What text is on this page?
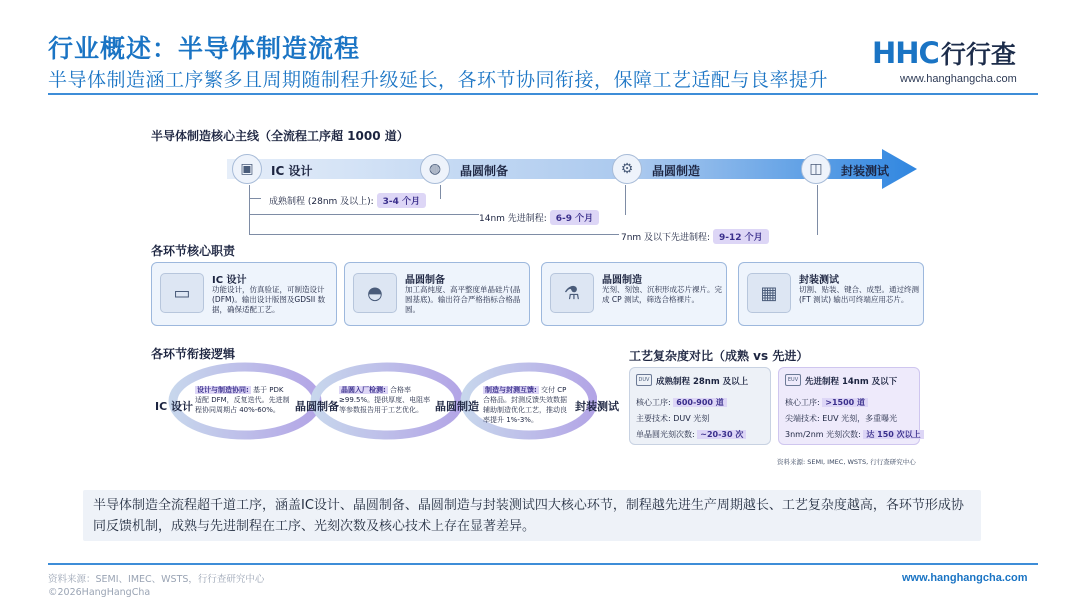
行业概述：半导体制造流程
半导体制造涵工序繁多且周期随制程升级延长，各环节协同衔接，保障工艺适配与良率提升
HHC 行行查
www.hanghangcha.com
半导体制造核心主线（全流程工序超 1000 道）
▣	IC 设计	◍	晶圆制备	⚙	晶圆制造	◫	封装测试
成熟制程 (28nm 及以上): 3-4 个月
14nm 先进制程: 6-9 个月
7nm 及以下先进制程: 9-12 个月
各环节核心职责
▭
IC 设计
功能设计，仿真验证，可制造设计(DFM)。输出设计版图及GDSII 数据，确保适配工艺。
◓
晶圆制备
加工高纯度、高平整度单晶硅片(晶圆基底)。输出符合严格指标合格晶圆。
⚗
晶圆制造
光刻、刻蚀、沉积形成芯片裸片。完成 CP 测试，筛选合格裸片。	▦
封装测试
切割、贴装、键合、成型。通过终测 (FT 测试) 输出可终端应用芯片。
各环节衔接逻辑	工艺复杂度对比（成熟 vs 先进）
IC 设计	晶圆制备	晶圆制造	封装测试
设计与制造协同: 基于 PDK 适配 DFM，反复迭代。先进制程协同周期占 40%-60%。
晶圆入厂检测: 合格率 ≥99.5%。提供厚度、电阻率等参数报告用于工艺优化。
制造与封测互馈: 交付 CP 合格品。封测反馈失效数据辅助制造优化工艺，推动良率提升 1%-3%。
DUV 成熟制程 28nm 及以上
核心工序: 600-900 道
主要技术: DUV 光刻
单晶圆光刻次数: ~20-30 次
EUV 先进制程 14nm 及以下
核心工序: >1500 道
尖端技术: EUV 光刻，多重曝光
3nm/2nm 光刻次数: 达 150 次以上
资料来源: SEMI, IMEC, WSTS, 行行查研究中心
半导体制造全流程超千道工序，涵盖IC设计、晶圆制备、晶圆制造与封装测试四大核心环节，制程越先进生产周期越长、工艺复杂度越高，各环节形成协同反馈机制，成熟与先进制程在工序、光刻次数及核心技术上存在显著差异。
资料来源：SEMI、IMEC、WSTS，行行查研究中心
©2026HangHangCha
www.hanghangcha.com
